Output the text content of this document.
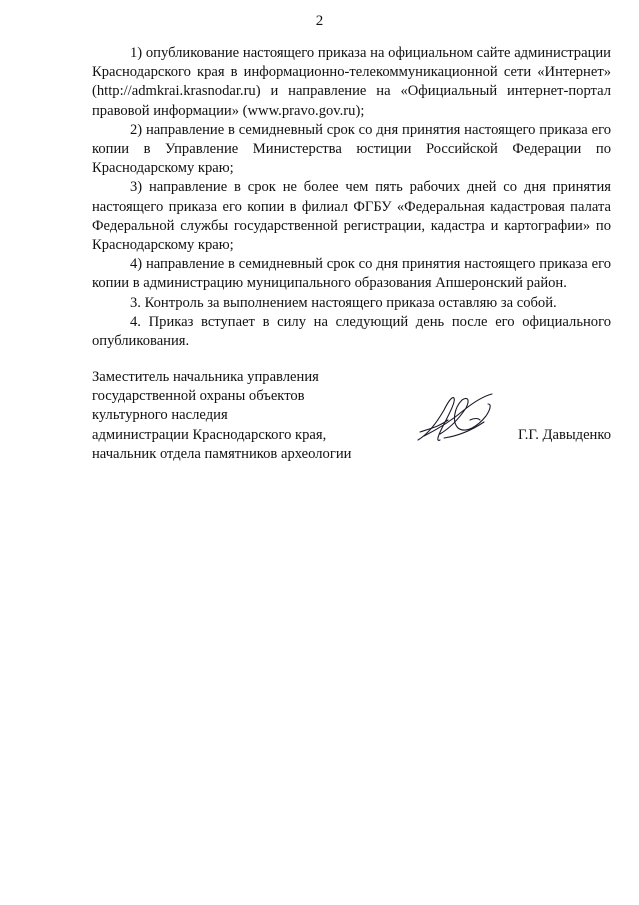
2

1) опубликование настоящего приказа на официальном сайте администрации Краснодарского края в информационно-телекоммуникационной сети «Интернет» (http://admkrai.krasnodar.ru) и направление на «Официальный интернет-портал правовой информации» (www.pravo.gov.ru);

2) направление в семидневный срок со дня принятия настоящего приказа его копии в Управление Министерства юстиции Российской Федерации по Краснодарскому краю;

3) направление в срок не более чем пять рабочих дней со дня принятия настоящего приказа его копии в филиал ФГБУ «Федеральная кадастровая палата Федеральной службы государственной регистрации, кадастра и картографии» по Краснодарскому краю;

4) направление в семидневный срок со дня принятия настоящего приказа его копии в администрацию муниципального образования Апшеронский район.

3. Контроль за выполнением настоящего приказа оставляю за собой.

4. Приказ вступает в силу на следующий день после его официального опубликования.

Заместитель начальника управления
государственной охраны объектов
культурного наследия
администрации Краснодарского края,
начальник отдела памятников археологии
Г.Г. Давыденко
